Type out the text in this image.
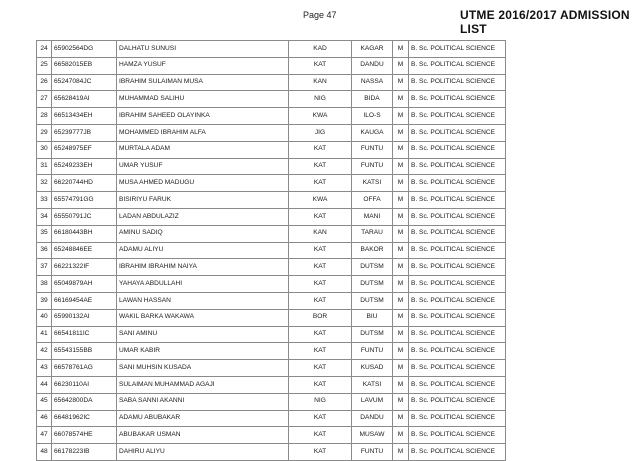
Page 47	UTME 2016/2017 ADMISSION LIST
24	65902564DG	DALHATU SUNUSI	KAD	KAGAR	M	B. Sc. POLITICAL SCIENCE
25	66582015EB	HAMZA YUSUF	KAT	DANDU	M	B. Sc. POLITICAL SCIENCE
26	65247084JC	IBRAHIM SULAIMAN MUSA	KAN	NASSA	M	B. Sc. POLITICAL SCIENCE
27	65628419AI	MUHAMMAD SALIHU	NIG	BIDA	M	B. Sc. POLITICAL SCIENCE
28	66513434EH	IBRAHIM SAHEED OLAYINKA	KWA	ILO-S	M	B. Sc. POLITICAL SCIENCE
29	65239777JB	MOHAMMED IBRAHIM ALFA	JIG	KAUGA	M	B. Sc. POLITICAL SCIENCE
30	65248975EF	MURTALA ADAM	KAT	FUNTU	M	B. Sc. POLITICAL SCIENCE
31	65249233EH	UMAR YUSUF	KAT	FUNTU	M	B. Sc. POLITICAL SCIENCE
32	66220744HD	MUSA AHMED MADUGU	KAT	KATSI	M	B. Sc. POLITICAL SCIENCE
33	65574791GG	BISIRIYU FARUK	KWA	OFFA	M	B. Sc. POLITICAL SCIENCE
34	65550791JC	LADAN ABDULAZIZ	KAT	MANI	M	B. Sc. POLITICAL SCIENCE
35	66180443BH	AMINU SADIQ	KAN	TARAU	M	B. Sc. POLITICAL SCIENCE
36	65248846EE	ADAMU ALIYU	KAT	BAKOR	M	B. Sc. POLITICAL SCIENCE
37	66221322IF	IBRAHIM IBRAHIM NAIYA	KAT	DUTSM	M	B. Sc. POLITICAL SCIENCE
38	65049879AH	YAHAYA ABDULLAHI	KAT	DUTSM	M	B. Sc. POLITICAL SCIENCE
39	66169454AE	LAWAN HASSAN	KAT	DUTSM	M	B. Sc. POLITICAL SCIENCE
40	65990132AI	WAKIL BARKA WAKAWA	BOR	BIU	M	B. Sc. POLITICAL SCIENCE
41	66541811IC	SANI AMINU	KAT	DUTSM	M	B. Sc. POLITICAL SCIENCE
42	65543155BB	UMAR KABIR	KAT	FUNTU	M	B. Sc. POLITICAL SCIENCE
43	66578761AG	SANI MUHSIN KUSADA	KAT	KUSAD	M	B. Sc. POLITICAL SCIENCE
44	66230110AI	SULAIMAN MUHAMMAD AGAJI	KAT	KATSI	M	B. Sc. POLITICAL SCIENCE
45	65642800DA	SABA SANNI AKANNI	NIG	LAVUM	M	B. Sc. POLITICAL SCIENCE
46	66481962IC	ADAMU ABUBAKAR	KAT	DANDU	M	B. Sc. POLITICAL SCIENCE
47	66078574HE	ABUBAKAR USMAN	KAT	MUSAW	M	B. Sc. POLITICAL SCIENCE
48	66178223IB	DAHIRU ALIYU	KAT	FUNTU	M	B. Sc. POLITICAL SCIENCE
